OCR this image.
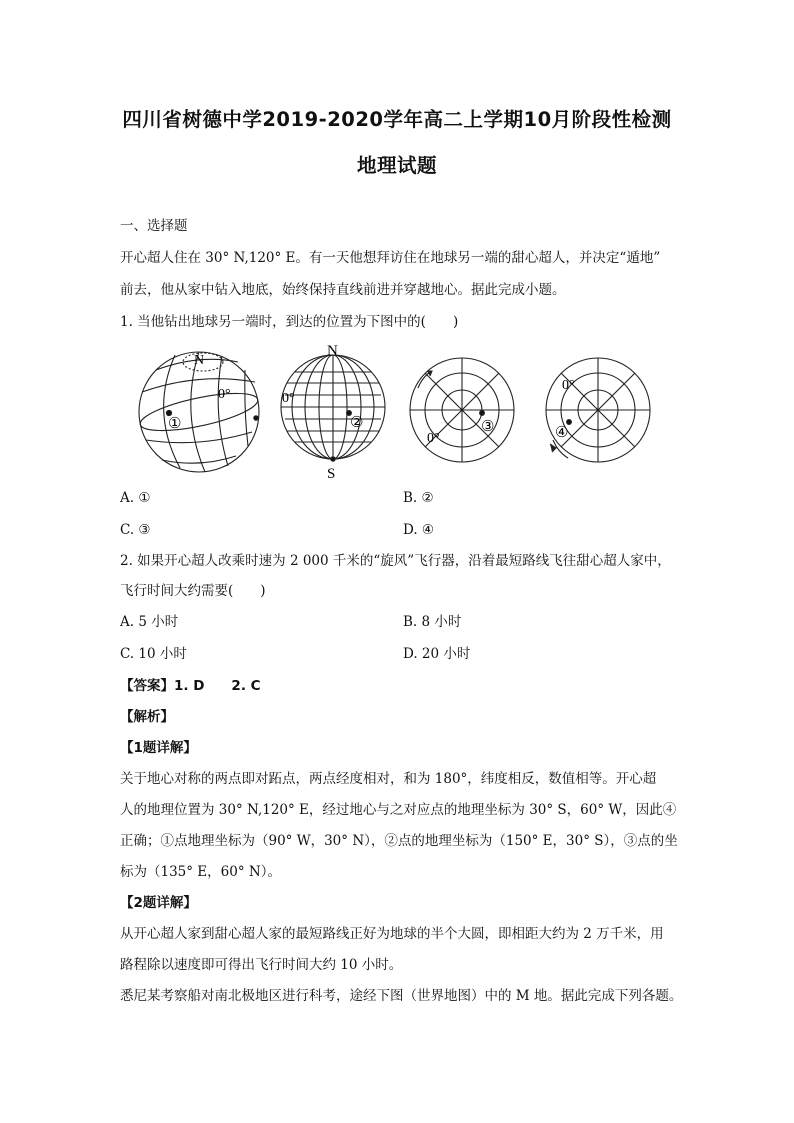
四川省树德中学2019-2020学年高二上学期10月阶段性检测
地理试题
一、选择题
开心超人住在 30° N,120° E。有一天他想拜访住在地球另一端的甜心超人，并决定“遁地”
前去，他从家中钻入地底，始终保持直线前进并穿越地心。据此完成小题。
1. 当他钻出地球另一端时，到达的位置为下图中的(　　)
N
0°
①
N
S
0°
②
0°
③
0°
④
A. ①	B. ②
C. ③	D. ④
2. 如果开心超人改乘时速为 2 000 千米的“旋风”飞行器，沿着最短路线飞往甜心超人家中，
飞行时间大约需要(　　)
A. 5 小时	B. 8 小时
C. 10 小时	D. 20 小时
【答案】1. D　　2. C
【解析】
【1题详解】
关于地心对称的两点即对跖点，两点经度相对，和为 180°，纬度相反，数值相等。开心超
人的地理位置为 30° N,120° E，经过地心与之对应点的地理坐标为 30° S，60° W，因此④
正确；①点地理坐标为（90° W，30° N），②点的地理坐标为（150° E，30° S），③点的坐
标为（135° E，60° N）。
【2题详解】
从开心超人家到甜心超人家的最短路线正好为地球的半个大圆，即相距大约为 2 万千米，用
路程除以速度即可得出飞行时间大约 10 小时。
悉尼某考察船对南北极地区进行科考，途经下图（世界地图）中的 M 地。据此完成下列各题。
